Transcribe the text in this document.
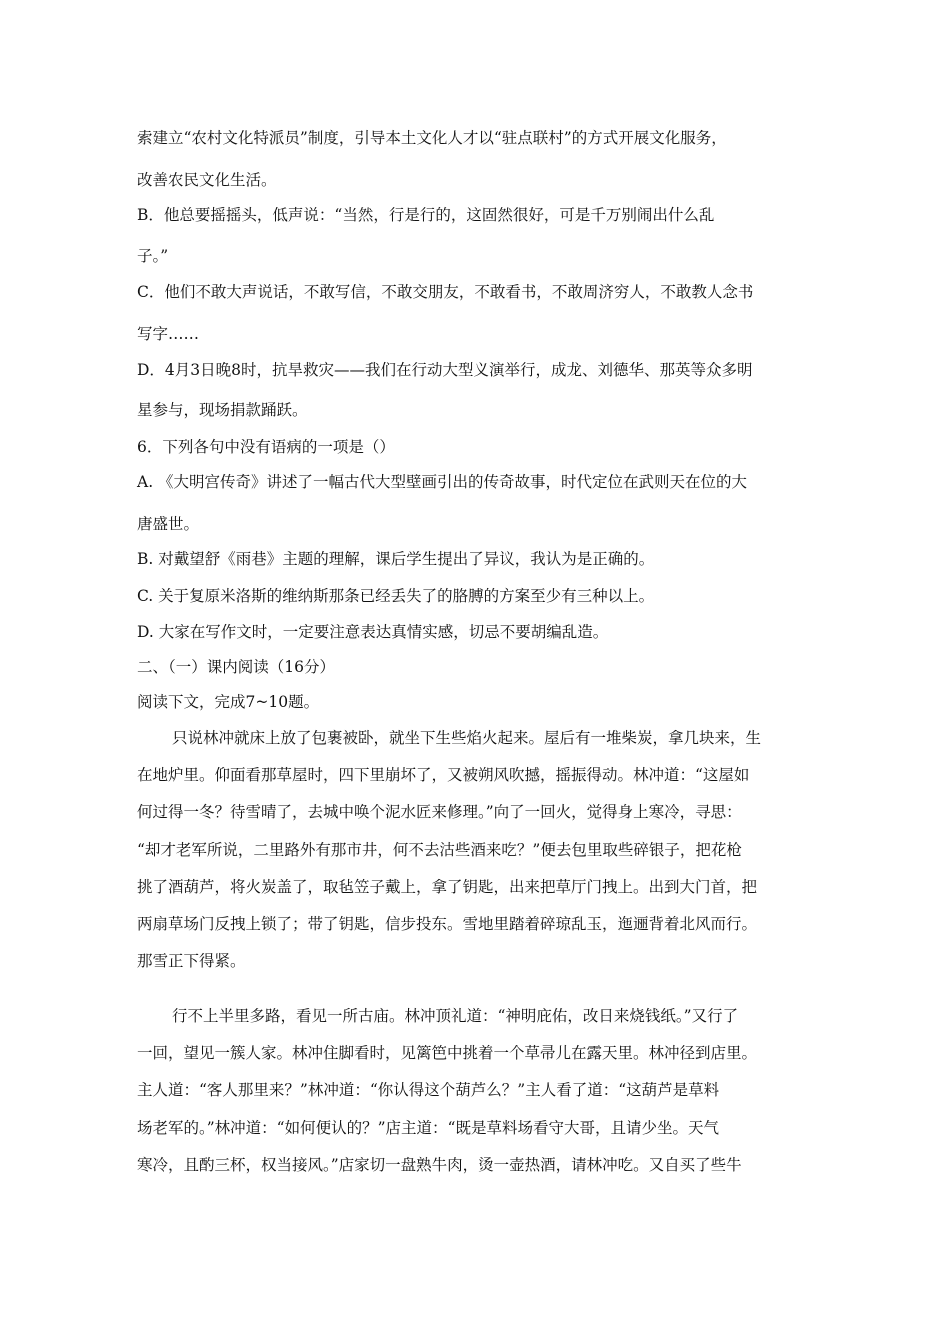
索建立“农村文化特派员”制度，引导本土文化人才以“驻点联村”的方式开展文化服务，
改善农民文化生活。
B．他总要摇摇头，低声说：“当然，行是行的，这固然很好，可是千万别闹出什么乱
子。”
C．他们不敢大声说话，不敢写信，不敢交朋友，不敢看书，不敢周济穷人，不敢教人念书
写字……
D．4月3日晚8时，抗旱救灾——我们在行动大型义演举行，成龙、刘德华、那英等众多明
星参与，现场捐款踊跃。
6．下列各句中没有语病的一项是（）
A. 《大明宫传奇》讲述了一幅古代大型壁画引出的传奇故事，时代定位在武则天在位的大
唐盛世。
B. 对戴望舒《雨巷》主题的理解，课后学生提出了异议，我认为是正确的。
C. 关于复原米洛斯的维纳斯那条已经丢失了的胳膊的方案至少有三种以上。
D. 大家在写作文时，一定要注意表达真情实感，切忌不要胡编乱造。
二、（一）课内阅读（16分）
阅读下文，完成7~10题。
只说林冲就床上放了包裹被卧，就坐下生些焰火起来。屋后有一堆柴炭，拿几块来，生
在地炉里。仰面看那草屋时，四下里崩坏了，又被朔风吹撼，摇振得动。林冲道：“这屋如
何过得一冬？待雪晴了，去城中唤个泥水匠来修理。”向了一回火，觉得身上寒冷，寻思：
“却才老军所说，二里路外有那市井，何不去沽些酒来吃？”便去包里取些碎银子，把花枪
挑了酒葫芦，将火炭盖了，取毡笠子戴上，拿了钥匙，出来把草厅门拽上。出到大门首，把
两扇草场门反拽上锁了；带了钥匙，信步投东。雪地里踏着碎琼乱玉，迤逦背着北风而行。
那雪正下得紧。
行不上半里多路，看见一所古庙。林冲顶礼道：“神明庇佑，改日来烧钱纸。”又行了
一回，望见一簇人家。林冲住脚看时，见篱笆中挑着一个草帚儿在露天里。林冲径到店里。
主人道：“客人那里来？”林冲道：“你认得这个葫芦么？”主人看了道：“这葫芦是草料
场老军的。”林冲道：“如何便认的？”店主道：“既是草料场看守大哥，且请少坐。天气
寒冷，且酌三杯，权当接风。”店家切一盘熟牛肉，烫一壶热酒，请林冲吃。又自买了些牛
